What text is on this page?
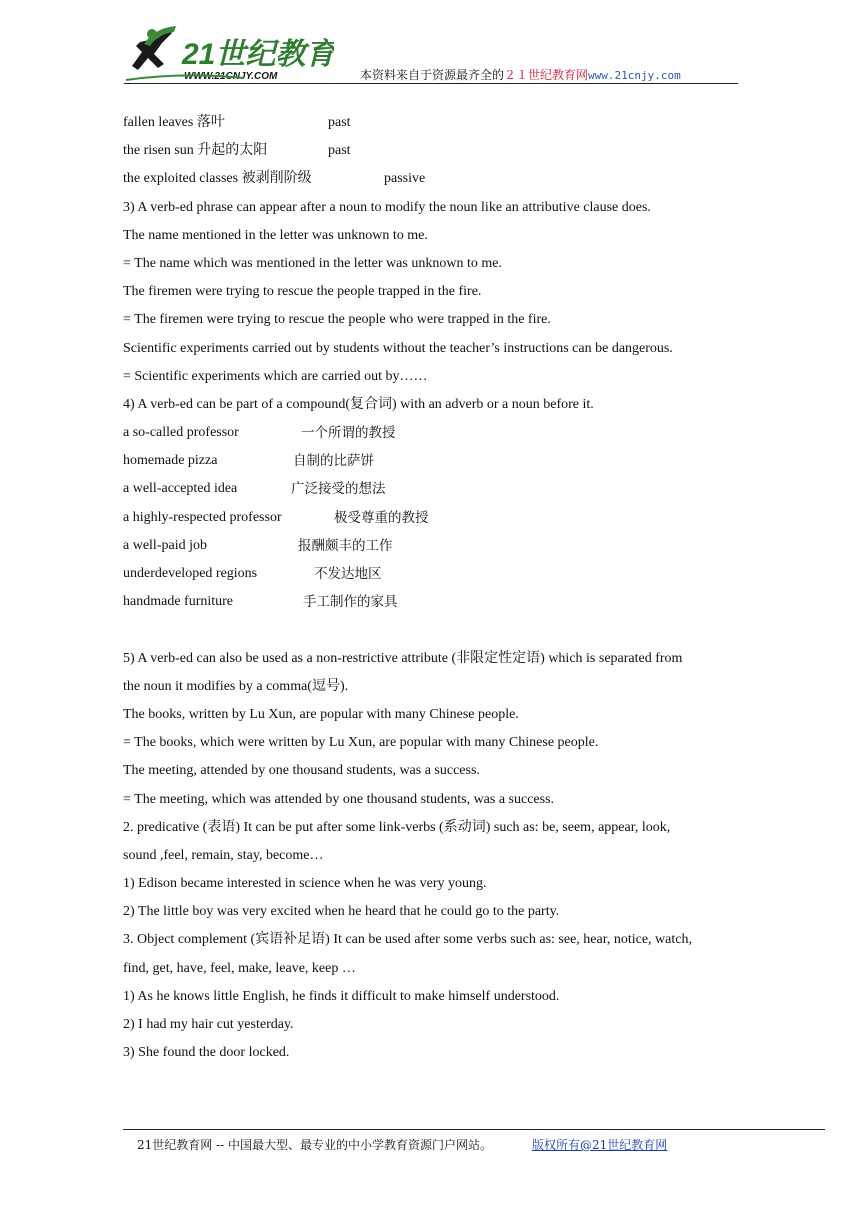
21世纪教育
WWW.21CNJY.COM	本资料来自于资源最齐全的２１世纪教育网www.21cnjy.com
fallen leaves 落叶	past
the risen sun 升起的太阳	past
the exploited classes 被剥削阶级	passive
3) A verb-ed phrase can appear after a noun to modify the noun like an attributive clause does.
The name mentioned in the letter was unknown to me.
= The name which was mentioned in the letter was unknown to me.
The firemen were trying to rescue the people trapped in the fire.
= The firemen were trying to rescue the people who were trapped in the fire.
Scientific experiments carried out by students without the teacher’s instructions can be dangerous.
= Scientific experiments which are carried out by……
4) A verb-ed can be part of a compound(复合词) with an adverb or a noun before it.
a so-called professor	一个所谓的教授
homemade pizza	自制的比萨饼
a well-accepted idea	广泛接受的想法
a highly-respected professor	极受尊重的教授
a well-paid job	报酬颇丰的工作
underdeveloped regions	不发达地区
handmade furniture	手工制作的家具
5) A verb-ed can also be used as a non-restrictive attribute (非限定性定语) which is separated from
the noun it modifies by a comma(逗号).
The books, written by Lu Xun, are popular with many Chinese people.
= The books, which were written by Lu Xun, are popular with many Chinese people.
The meeting, attended by one thousand students, was a success.
= The meeting, which was attended by one thousand students, was a success.
2. predicative (表语) It can be put after some link-verbs (系动词) such as: be, seem, appear, look,
sound ,feel, remain, stay, become…
1) Edison became interested in science when he was very young.
2) The little boy was very excited when he heard that he could go to the party.
3. Object complement (宾语补足语) It can be used after some verbs such as: see, hear, notice, watch,
find, get, have, feel, make, leave, keep …
1) As he knows little English, he finds it difficult to make himself understood.
2) I had my hair cut yesterday.
3) She found the door locked.
21世纪教育网 -- 中国最大型、最专业的中小学教育资源门户网站。	版权所有@21世纪教育网
